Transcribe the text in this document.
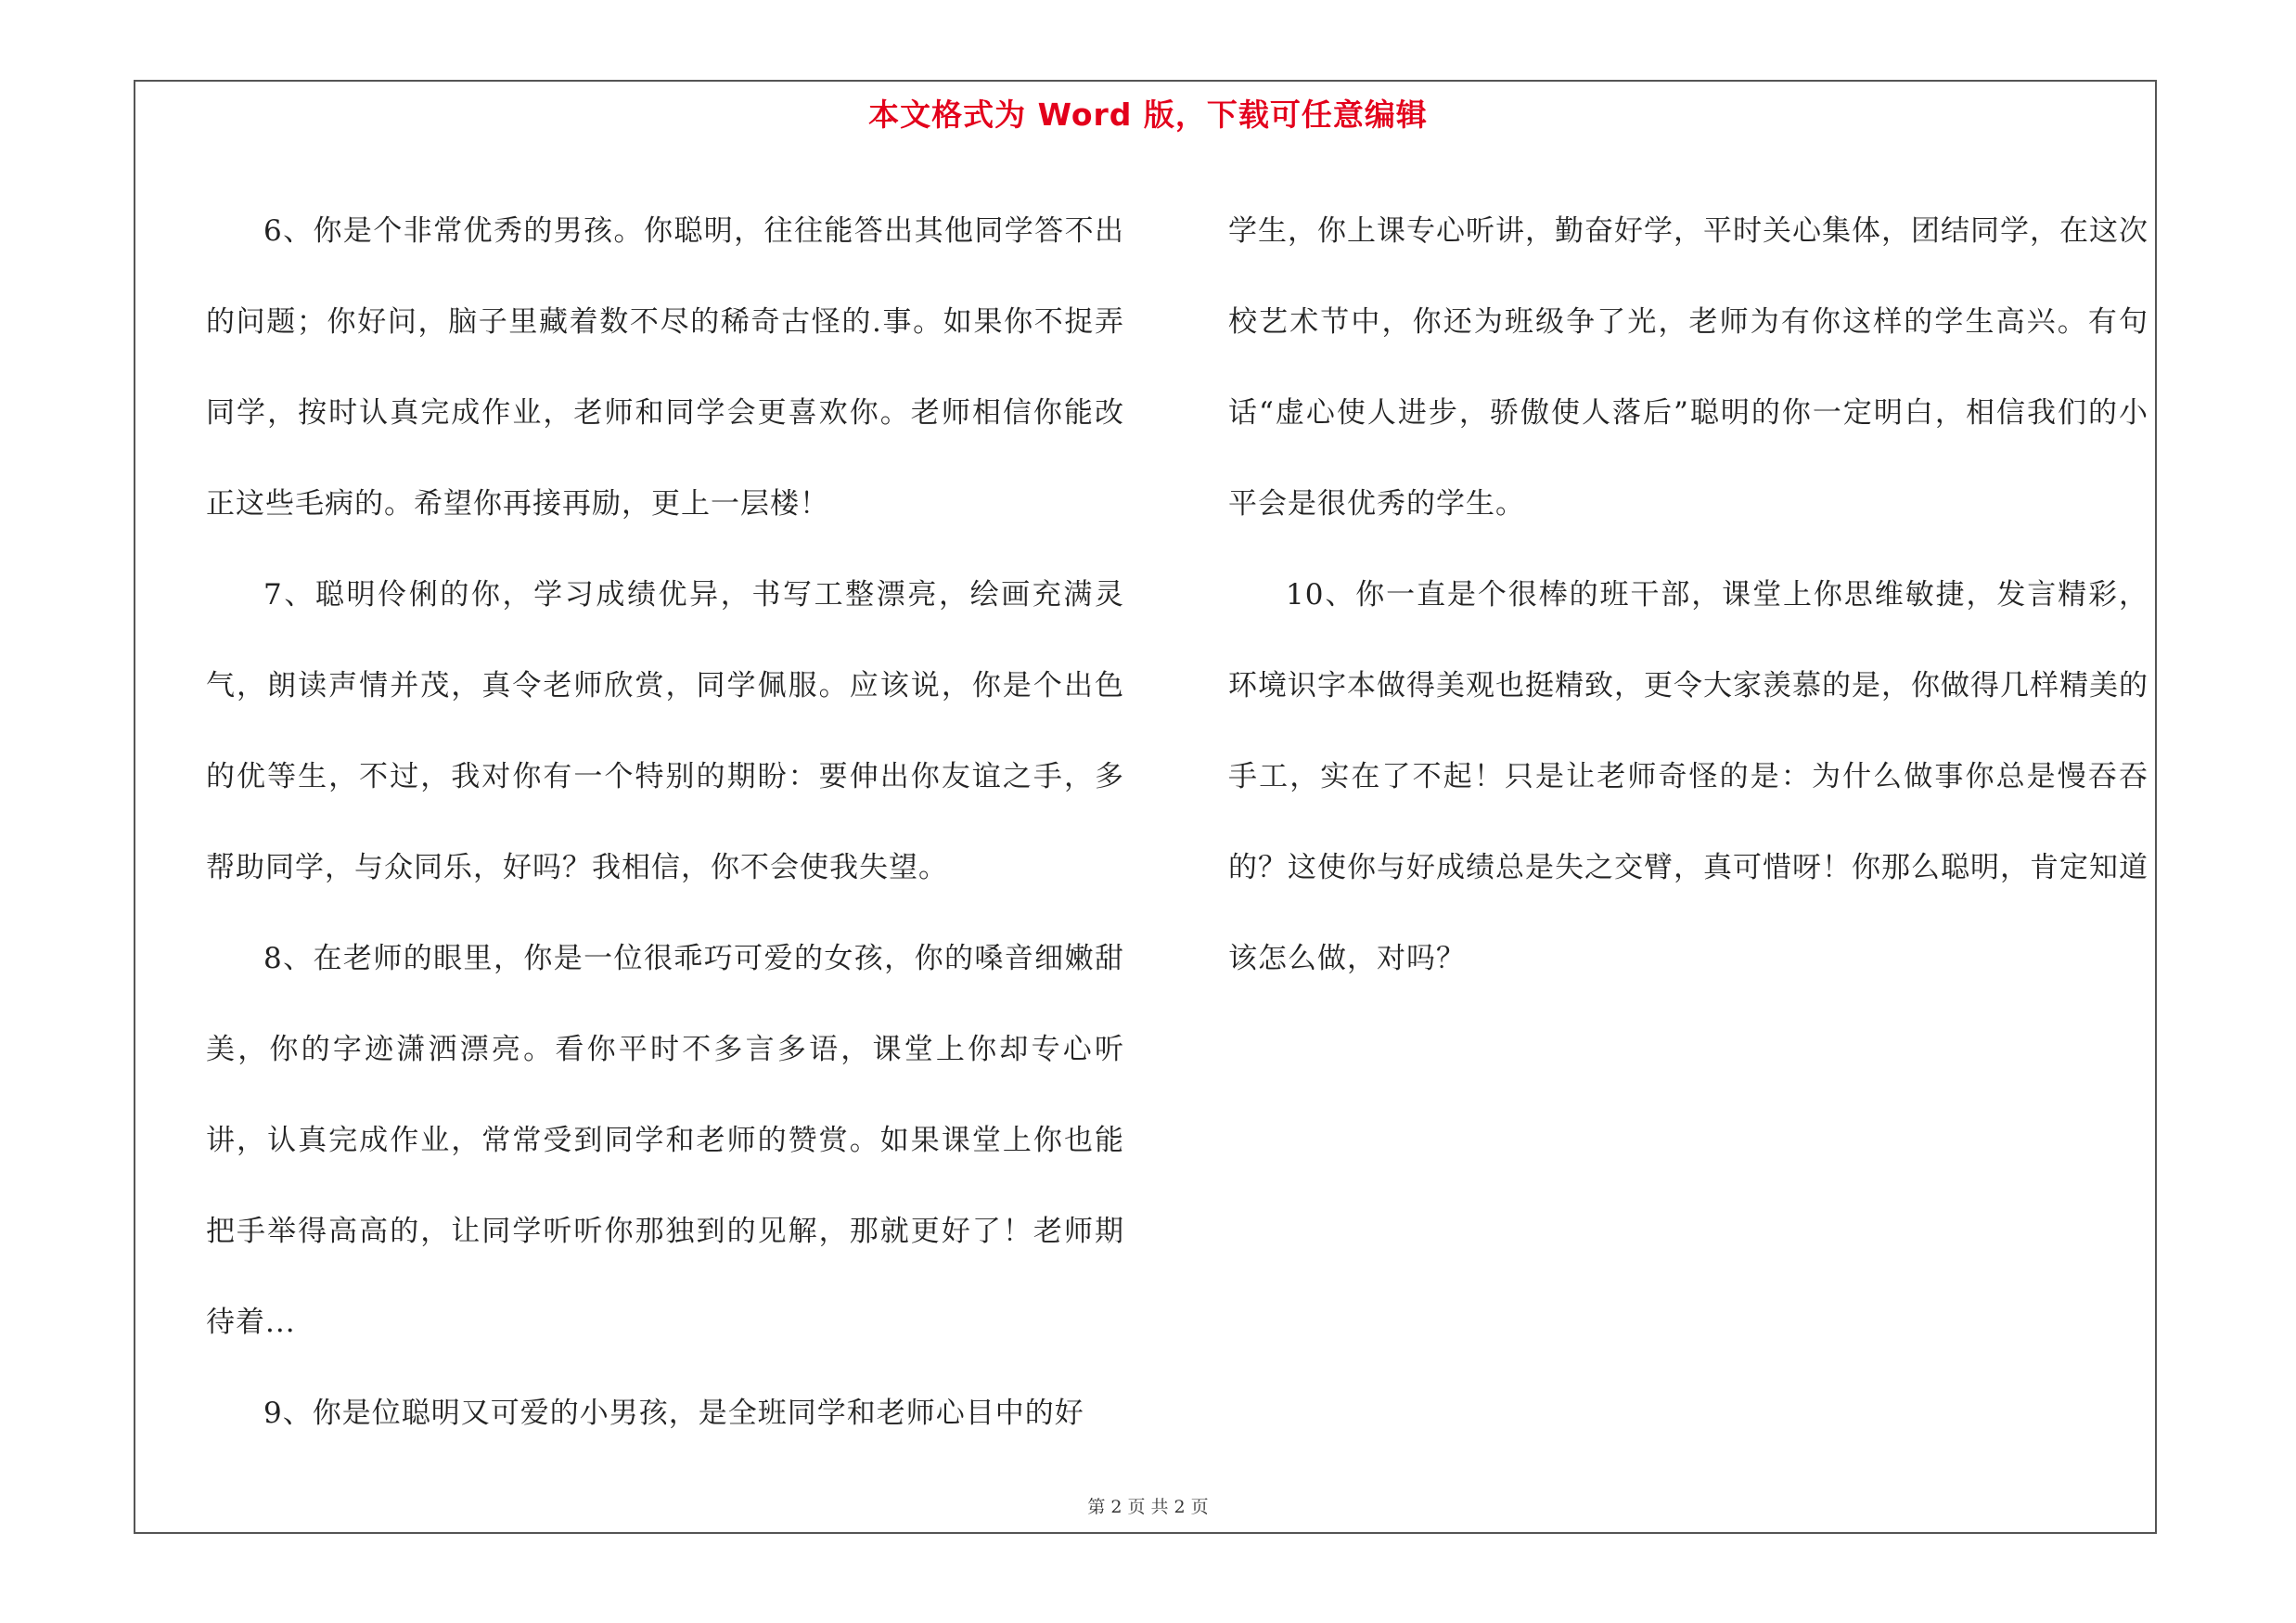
本文格式为 Word 版，下载可任意编辑

6、你是个非常优秀的男孩。你聪明，往往能答出其他同学答不出的问题；你好问，脑子里藏着数不尽的稀奇古怪的.事。如果你不捉弄同学，按时认真完成作业，老师和同学会更喜欢你。老师相信你能改正这些毛病的。希望你再接再励，更上一层楼！

7、聪明伶俐的你，学习成绩优异，书写工整漂亮，绘画充满灵气，朗读声情并茂，真令老师欣赏，同学佩服。应该说，你是个出色的优等生，不过，我对你有一个特别的期盼：要伸出你友谊之手，多帮助同学，与众同乐，好吗？我相信，你不会使我失望。

8、在老师的眼里，你是一位很乖巧可爱的女孩，你的嗓音细嫩甜美，你的字迹潇洒漂亮。看你平时不多言多语，课堂上你却专心听讲，认真完成作业，常常受到同学和老师的赞赏。如果课堂上你也能把手举得高高的，让同学听听你那独到的见解，那就更好了！老师期待着...

9、你是位聪明又可爱的小男孩，是全班同学和老师心目中的好

学生，你上课专心听讲，勤奋好学，平时关心集体，团结同学，在这次校艺术节中，你还为班级争了光，老师为有你这样的学生高兴。有句话“虚心使人进步，骄傲使人落后”聪明的你一定明白，相信我们的小平会是很优秀的学生。

10、你一直是个很棒的班干部，课堂上你思维敏捷，发言精彩，环境识字本做得美观也挺精致，更令大家羡慕的是，你做得几样精美的手工，实在了不起！只是让老师奇怪的是：为什么做事你总是慢吞吞的？这使你与好成绩总是失之交臂，真可惜呀！你那么聪明，肯定知道该怎么做，对吗？

第 2 页 共 2 页
